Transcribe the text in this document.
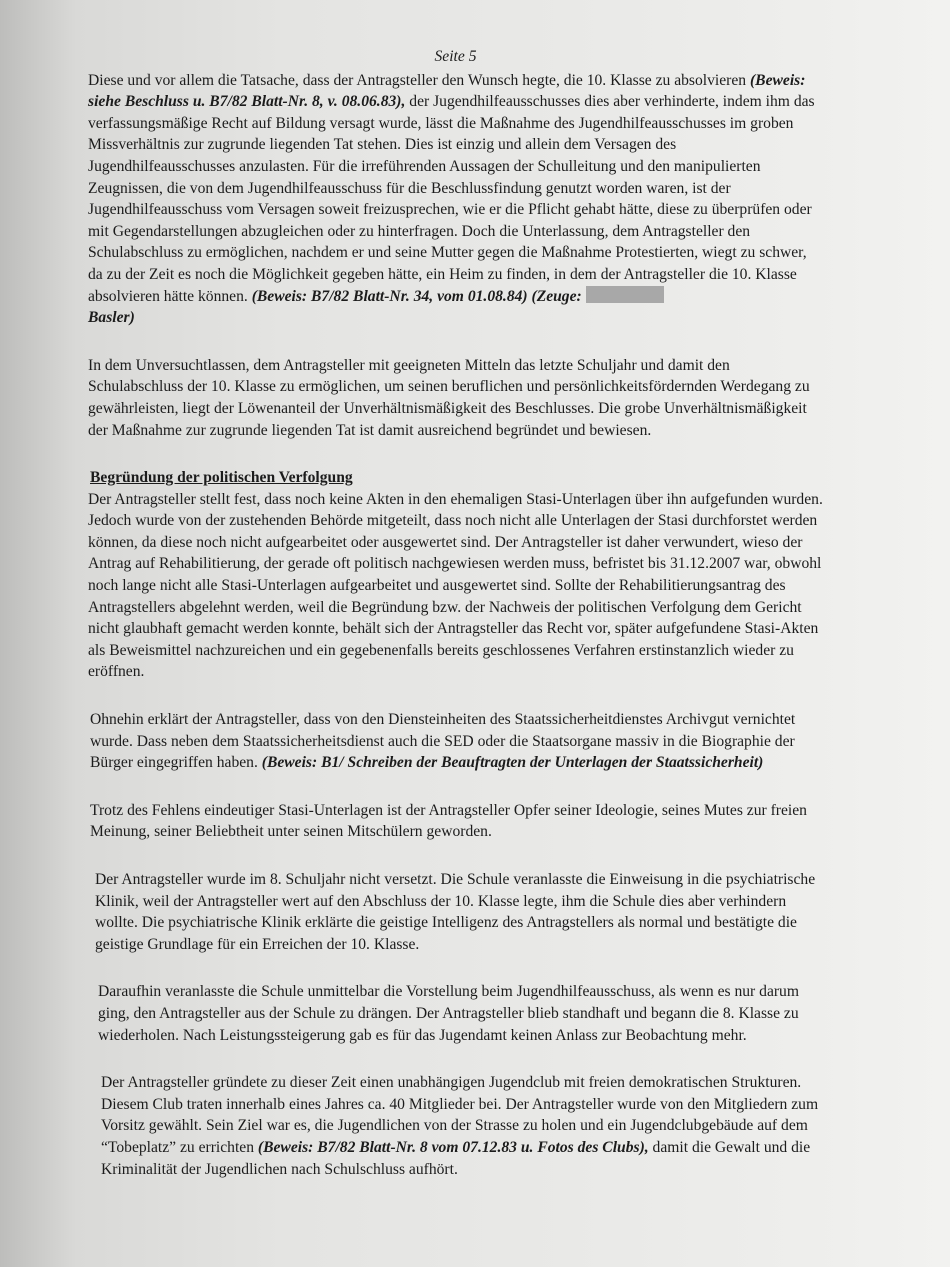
Seite 5

Diese und vor allem die Tatsache, dass der Antragsteller den Wunsch hegte, die 10. Klasse zu absolvieren (Beweis: siehe Beschluss u. B7/82 Blatt-Nr. 8, v. 08.06.83), der Jugendhilfeausschusses dies aber verhinderte, indem ihm das verfassungsmäßige Recht auf Bildung versagt wurde, lässt die Maßnahme des Jugendhilfeausschusses im groben Missverhältnis zur zugrunde liegenden Tat stehen. Dies ist einzig und allein dem Versagen des Jugendhilfeausschusses anzulasten. Für die irreführenden Aussagen der Schulleitung und den manipulierten Zeugnissen, die von dem Jugendhilfeausschuss für die Beschlussfindung genutzt worden waren, ist der Jugendhilfeausschuss vom Versagen soweit freizusprechen, wie er die Pflicht gehabt hätte, diese zu überprüfen oder mit Gegendarstellungen abzugleichen oder zu hinterfragen. Doch die Unterlassung, dem Antragsteller den Schulabschluss zu ermöglichen, nachdem er und seine Mutter gegen die Maßnahme Protestierten, wiegt zu schwer, da zu der Zeit es noch die Möglichkeit gegeben hätte, ein Heim zu finden, in dem der Antragsteller die 10. Klasse absolvieren hätte können. (Beweis: B7/82 Blatt-Nr. 34, vom 01.08.84) (Zeuge:
Basler)

In dem Unversuchtlassen, dem Antragsteller mit geeigneten Mitteln das letzte Schuljahr und damit den Schulabschluss der 10. Klasse zu ermöglichen, um seinen beruflichen und persönlichkeitsfördernden Werdegang zu gewährleisten, liegt der Löwenanteil der Unverhältnismäßigkeit des Beschlusses. Die grobe Unverhältnismäßigkeit der Maßnahme zur zugrunde liegenden Tat ist damit ausreichend begründet und bewiesen.

Begründung der politischen Verfolgung

Der Antragsteller stellt fest, dass noch keine Akten in den ehemaligen Stasi-Unterlagen über ihn aufgefunden wurden. Jedoch wurde von der zustehenden Behörde mitgeteilt, dass noch nicht alle Unterlagen der Stasi durchforstet werden können, da diese noch nicht aufgearbeitet oder ausgewertet sind. Der Antragsteller ist daher verwundert, wieso der Antrag auf Rehabilitierung, der gerade oft politisch nachgewiesen werden muss, befristet bis 31.12.2007 war, obwohl noch lange nicht alle Stasi-Unterlagen aufgearbeitet und ausgewertet sind. Sollte der Rehabilitierungsantrag des Antragstellers abgelehnt werden, weil die Begründung bzw. der Nachweis der politischen Verfolgung dem Gericht nicht glaubhaft gemacht werden konnte, behält sich der Antragsteller das Recht vor, später aufgefundene Stasi-Akten als Beweismittel nachzureichen und ein gegebenenfalls bereits geschlossenes Verfahren erstinstanzlich wieder zu eröffnen.

Ohnehin erklärt der Antragsteller, dass von den Diensteinheiten des Staatssicherheitdienstes Archivgut vernichtet wurde. Dass neben dem Staatssicherheitsdienst auch die SED oder die Staatsorgane massiv in die Biographie der Bürger eingegriffen haben. (Beweis: B1/ Schreiben der Beauftragten der Unterlagen der Staatssicherheit)

Trotz des Fehlens eindeutiger Stasi-Unterlagen ist der Antragsteller Opfer seiner Ideologie, seines Mutes zur freien Meinung, seiner Beliebtheit unter seinen Mitschülern geworden.

Der Antragsteller wurde im 8. Schuljahr nicht versetzt. Die Schule veranlasste die Einweisung in die psychiatrische Klinik, weil der Antragsteller wert auf den Abschluss der 10. Klasse legte, ihm die Schule dies aber verhindern wollte. Die psychiatrische Klinik erklärte die geistige Intelligenz des Antragstellers als normal und bestätigte die geistige Grundlage für ein Erreichen der 10. Klasse.

Daraufhin veranlasste die Schule unmittelbar die Vorstellung beim Jugendhilfeausschuss, als wenn es nur darum ging, den Antragsteller aus der Schule zu drängen. Der Antragsteller blieb standhaft und begann die 8. Klasse zu wiederholen. Nach Leistungssteigerung gab es für das Jugendamt keinen Anlass zur Beobachtung mehr.

Der Antragsteller gründete zu dieser Zeit einen unabhängigen Jugendclub mit freien demokratischen Strukturen. Diesem Club traten innerhalb eines Jahres ca. 40 Mitglieder bei. Der Antragsteller wurde von den Mitgliedern zum Vorsitz gewählt. Sein Ziel war es, die Jugendlichen von der Strasse zu holen und ein Jugendclubgebäude auf dem “Tobeplatz” zu errichten (Beweis: B7/82 Blatt-Nr. 8 vom 07.12.83 u. Fotos des Clubs), damit die Gewalt und die Kriminalität der Jugendlichen nach Schulschluss aufhört.
